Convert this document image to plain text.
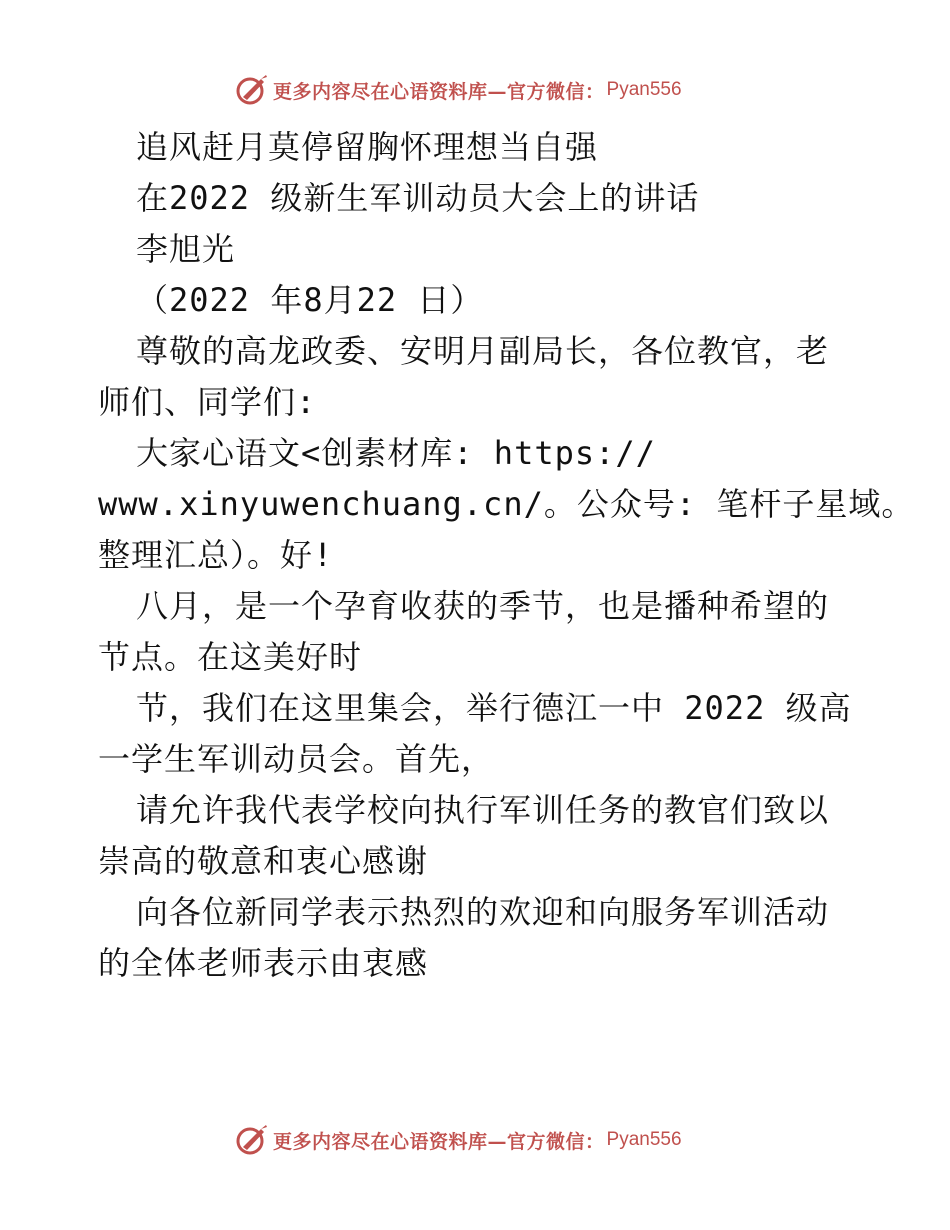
更多内容尽在心语资料库—官方微信： Pyan556
追风赶月莫停留胸怀理想当自强
在2022 级新生军训动员大会上的讲话
李旭光
（2022 年8月22 日）
尊敬的高龙政委、安明月副局长，各位教官，老
师们、同学们:
大家心语文<创素材库: https://
www.xinyuwenchuang.cn/。公众号: 笔杆子星域。
整理汇总）。好!
八月，是一个孕育收获的季节，也是播种希望的
节点。在这美好时
节，我们在这里集会，举行德江一中 2022 级高
一学生军训动员会。首先，
请允许我代表学校向执行军训任务的教官们致以
崇高的敬意和衷心感谢
向各位新同学表示热烈的欢迎和向服务军训活动
的全体老师表示由衷感
更多内容尽在心语资料库—官方微信： Pyan556
